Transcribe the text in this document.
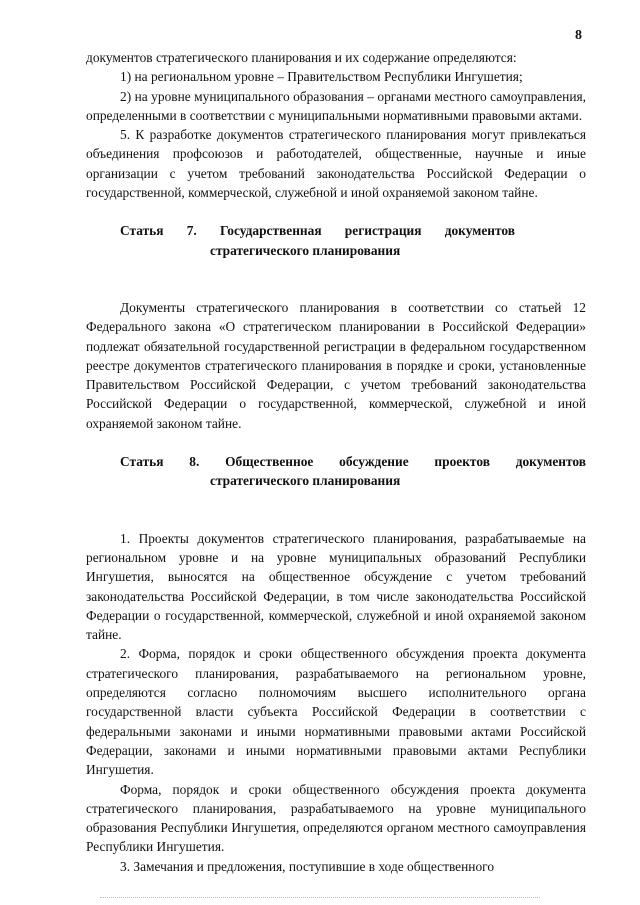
8

документов стратегического планирования и их содержание определяются:

1) на региональном уровне – Правительством Республики Ингушетия;

2) на уровне муниципального образования – органами местного самоуправления, определенными в соответствии с муниципальными нормативными правовыми актами.

5. К разработке документов стратегического планирования могут привлекаться объединения профсоюзов и работодателей, общественные, научные и иные организации с учетом требований законодательства Российской Федерации о государственной, коммерческой, служебной и иной охраняемой законом тайне.

Статья 7. Государственная регистрация документов
стратегического планирования

Документы стратегического планирования в соответствии со статьей 12 Федерального закона «О стратегическом планировании в Российской Федерации» подлежат обязательной государственной регистрации в федеральном государственном реестре документов стратегического планирования в порядке и сроки, установленные Правительством Российской Федерации, с учетом требований законодательства Российской Федерации о государственной, коммерческой, служебной и иной охраняемой законом тайне.

Статья 8. Общественное обсуждение проектов документов
стратегического планирования

1. Проекты документов стратегического планирования, разрабатываемые на региональном уровне и на уровне муниципальных образований Республики Ингушетия, выносятся на общественное обсуждение с учетом требований законодательства Российской Федерации, в том числе законодательства Российской Федерации о государственной, коммерческой, служебной и иной охраняемой законом тайне.

2. Форма, порядок и сроки общественного обсуждения проекта документа стратегического планирования, разрабатываемого на региональном уровне, определяются согласно полномочиям высшего исполнительного органа государственной власти субъекта Российской Федерации в соответствии с федеральными законами и иными нормативными правовыми актами Российской Федерации, законами и иными нормативными правовыми актами Республики Ингушетия.

Форма, порядок и сроки общественного обсуждения проекта документа стратегического планирования, разрабатываемого на уровне муниципального образования Республики Ингушетия, определяются органом местного самоуправления Республики Ингушетия.

3. Замечания и предложения, поступившие в ходе общественного
